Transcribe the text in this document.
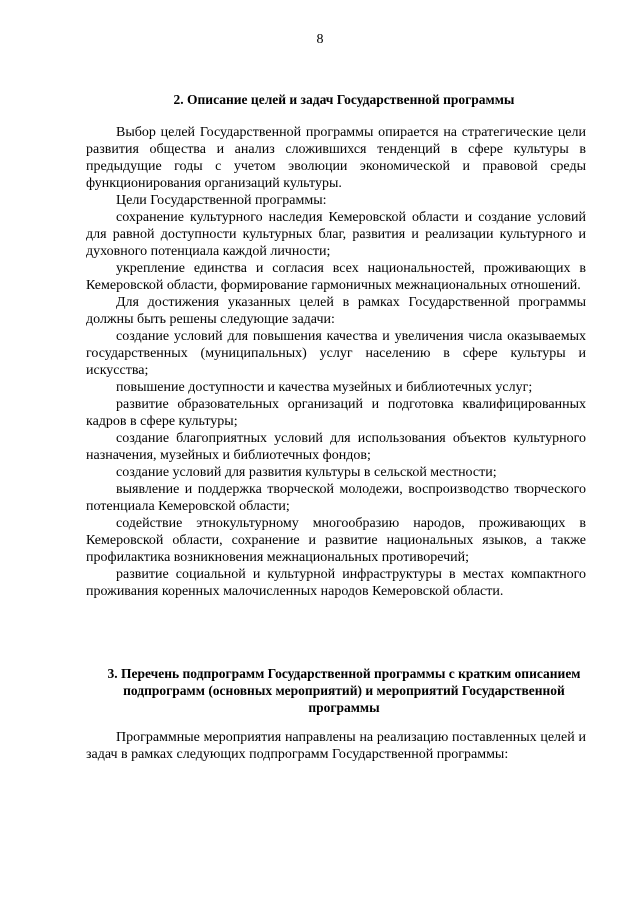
8
2. Описание целей и задач Государственной программы

Выбор целей Государственной программы опирается на стратегические цели развития общества и анализ сложившихся тенденций в сфере культуры в предыдущие годы с учетом эволюции экономической и правовой среды функционирования организаций культуры.

Цели Государственной программы:

сохранение культурного наследия Кемеровской области и создание условий для равной доступности культурных благ, развития и реализации культурного и духовного потенциала каждой личности;

укрепление единства и согласия всех национальностей, проживающих в Кемеровской области, формирование гармоничных межнациональных отношений.

Для достижения указанных целей в рамках Государственной программы должны быть решены следующие задачи:

создание условий для повышения качества и увеличения числа оказываемых государственных (муниципальных) услуг населению в сфере культуры и искусства;

повышение доступности и качества музейных и библиотечных услуг;

развитие образовательных организаций и подготовка квалифицированных кадров в сфере культуры;

создание благоприятных условий для использования объектов культурного назначения, музейных и библиотечных фондов;

создание условий для развития культуры в сельской местности;

выявление и поддержка творческой молодежи, воспроизводство творческого потенциала Кемеровской области;

содействие этнокультурному многообразию народов, проживающих в Кемеровской области, сохранение и развитие национальных языков, а также профилактика возникновения межнациональных противоречий;

развитие социальной и культурной инфраструктуры в местах компактного проживания коренных малочисленных народов Кемеровской области.

3. Перечень подпрограмм Государственной программы с кратким описанием подпрограмм (основных мероприятий) и мероприятий Государственной программы

Программные мероприятия направлены на реализацию поставленных целей и задач в рамках следующих подпрограмм Государственной программы:
